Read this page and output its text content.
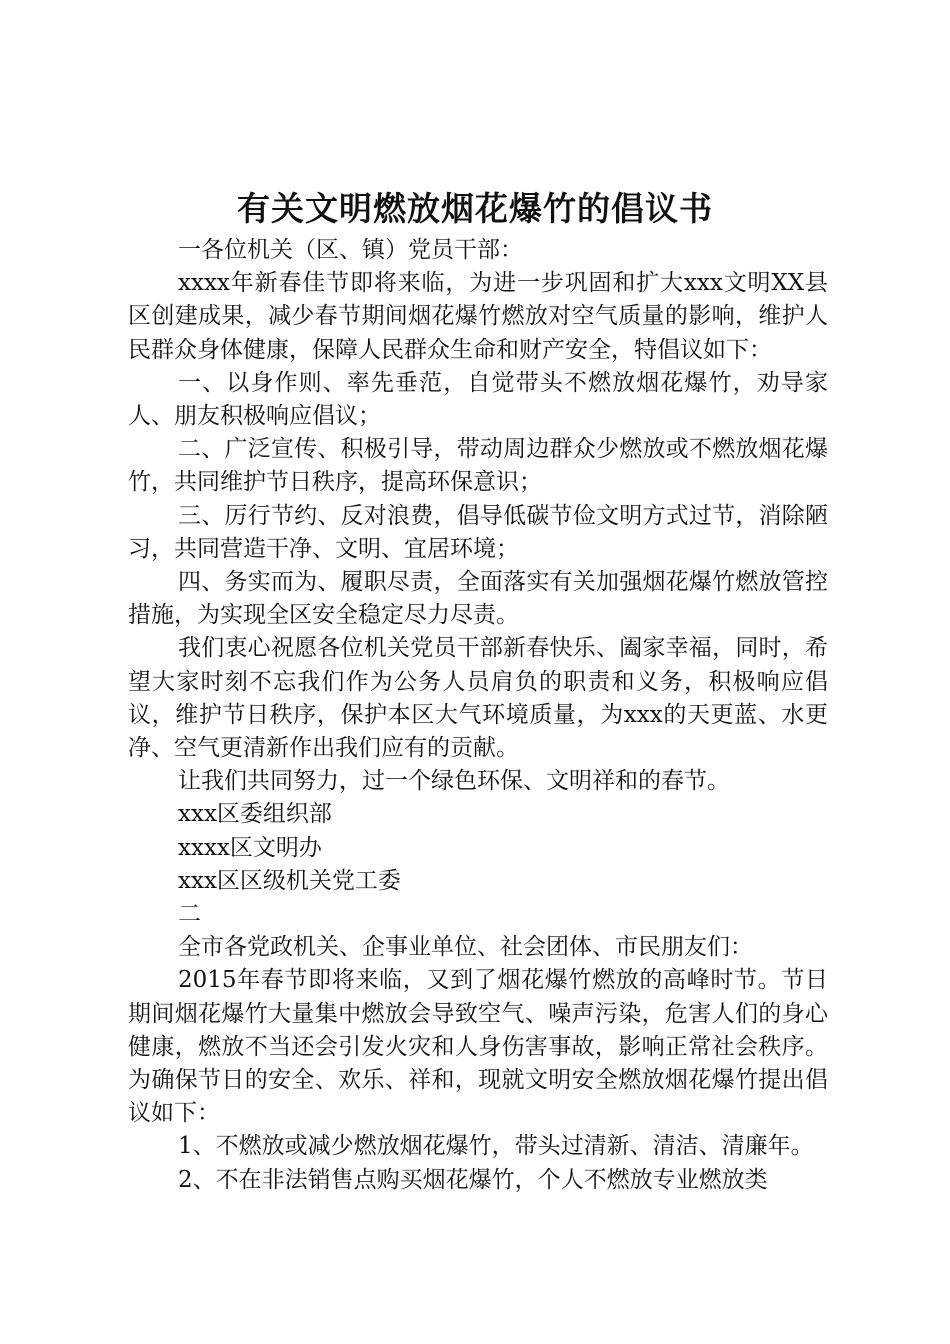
有关文明燃放烟花爆竹的倡议书

一各位机关（区、镇）党员干部：

xxxx年新春佳节即将来临，为进一步巩固和扩大xxx文明XX县区创建成果，减少春节期间烟花爆竹燃放对空气质量的影响，维护人民群众身体健康，保障人民群众生命和财产安全，特倡议如下：

一、以身作则、率先垂范，自觉带头不燃放烟花爆竹，劝导家人、朋友积极响应倡议；

二、广泛宣传、积极引导，带动周边群众少燃放或不燃放烟花爆竹，共同维护节日秩序，提高环保意识；

三、厉行节约、反对浪费，倡导低碳节俭文明方式过节，消除陋习，共同营造干净、文明、宜居环境；

四、务实而为、履职尽责，全面落实有关加强烟花爆竹燃放管控措施，为实现全区安全稳定尽力尽责。

我们衷心祝愿各位机关党员干部新春快乐、阖家幸福，同时，希望大家时刻不忘我们作为公务人员肩负的职责和义务，积极响应倡议，维护节日秩序，保护本区大气环境质量，为xxx的天更蓝、水更净、空气更清新作出我们应有的贡献。

让我们共同努力，过一个绿色环保、文明祥和的春节。

xxx区委组织部

xxxx区文明办

xxx区区级机关党工委

二

全市各党政机关、企事业单位、社会团体、市民朋友们：

2015年春节即将来临，又到了烟花爆竹燃放的高峰时节。节日期间烟花爆竹大量集中燃放会导致空气、噪声污染，危害人们的身心健康，燃放不当还会引发火灾和人身伤害事故，影响正常社会秩序。为确保节日的安全、欢乐、祥和，现就文明安全燃放烟花爆竹提出倡议如下：

1、不燃放或减少燃放烟花爆竹，带头过清新、清洁、清廉年。

2、不在非法销售点购买烟花爆竹，个人不燃放专业燃放类
